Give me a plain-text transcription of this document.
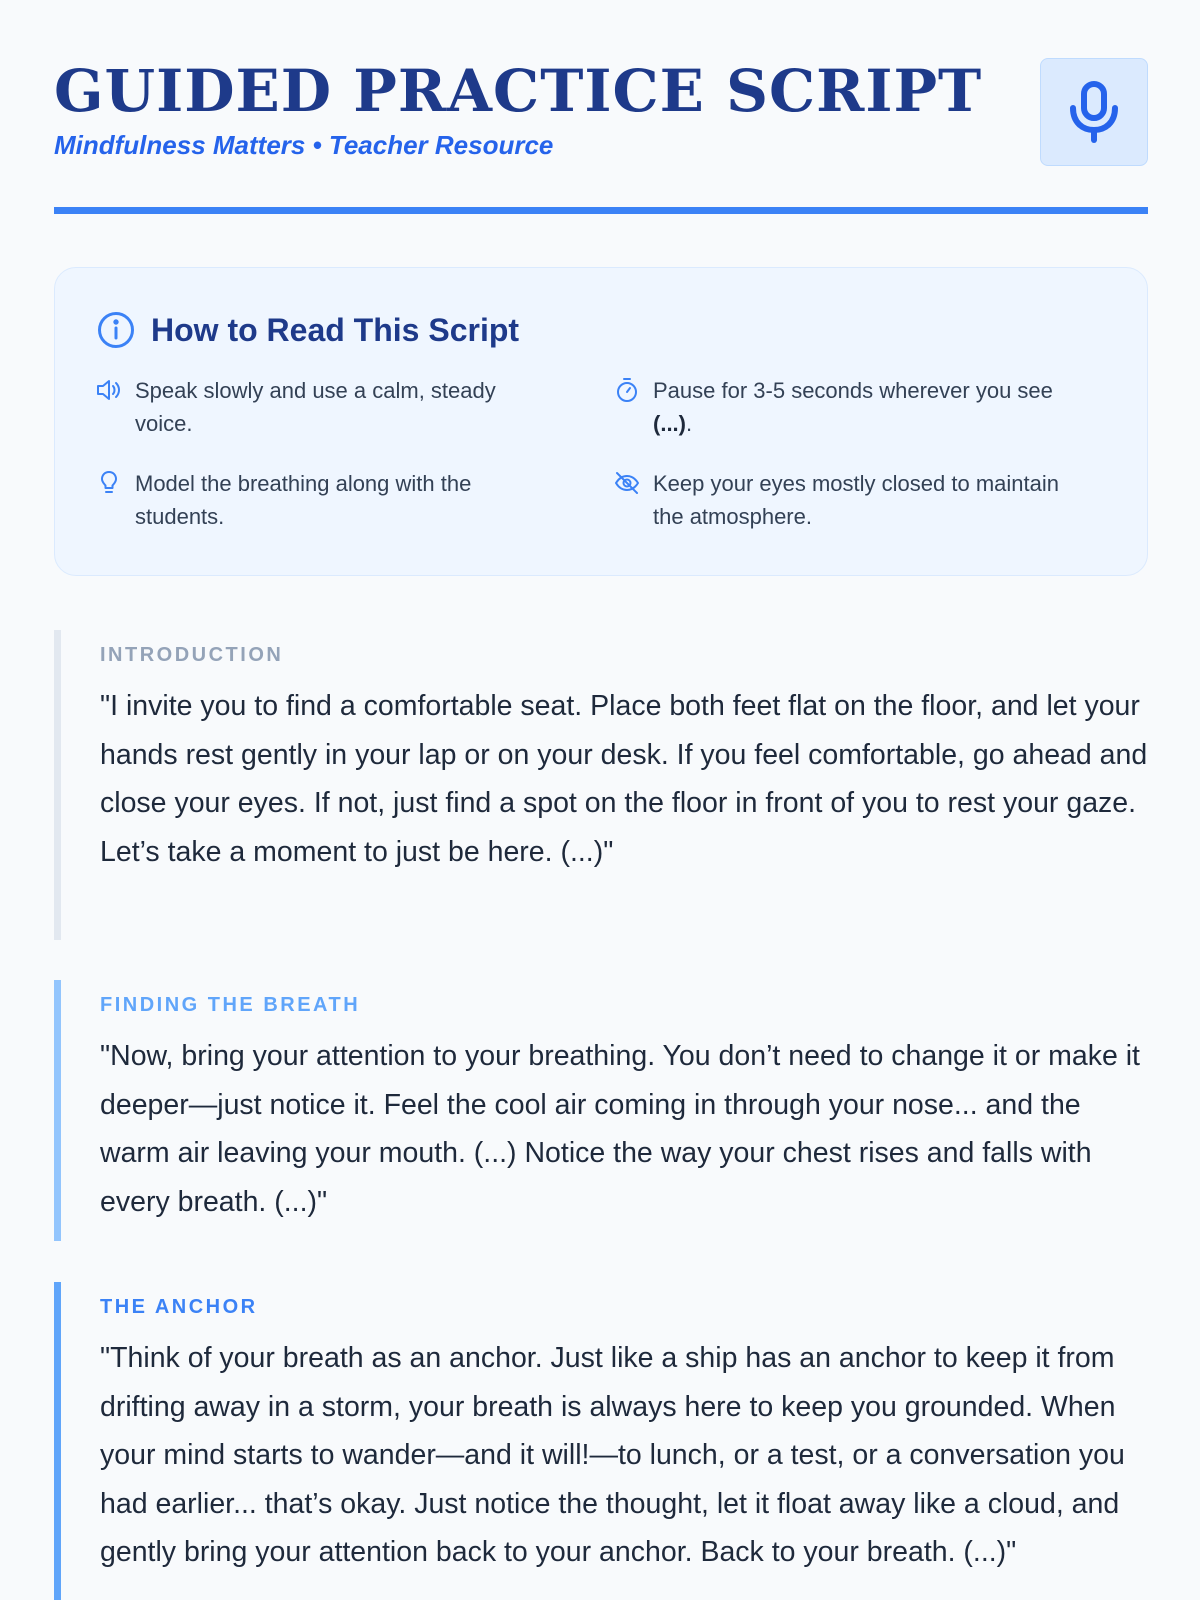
GUIDED PRACTICE SCRIPT
Mindfulness Matters • Teacher Resource
How to Read This Script
Speak slowly and use a calm, steady voice.
Pause for 3-5 seconds wherever you see (...).
Model the breathing along with the students.
Keep your eyes mostly closed to maintain the atmosphere.
INTRODUCTION
"I invite you to find a comfortable seat. Place both feet flat on the floor, and let your hands rest gently in your lap or on your desk. If you feel comfortable, go ahead and close your eyes. If not, just find a spot on the floor in front of you to rest your gaze. Let’s take a moment to just be here. (...)"
FINDING THE BREATH
"Now, bring your attention to your breathing. You don’t need to change it or make it deeper—just notice it. Feel the cool air coming in through your nose... and the warm air leaving your mouth. (...) Notice the way your chest rises and falls with every breath. (...)"
THE ANCHOR
"Think of your breath as an anchor. Just like a ship has an anchor to keep it from drifting away in a storm, your breath is always here to keep you grounded. When your mind starts to wander—and it will!—to lunch, or a test, or a conversation you had earlier... that’s okay. Just notice the thought, let it float away like a cloud, and gently bring your attention back to your anchor. Back to your breath. (...)"
